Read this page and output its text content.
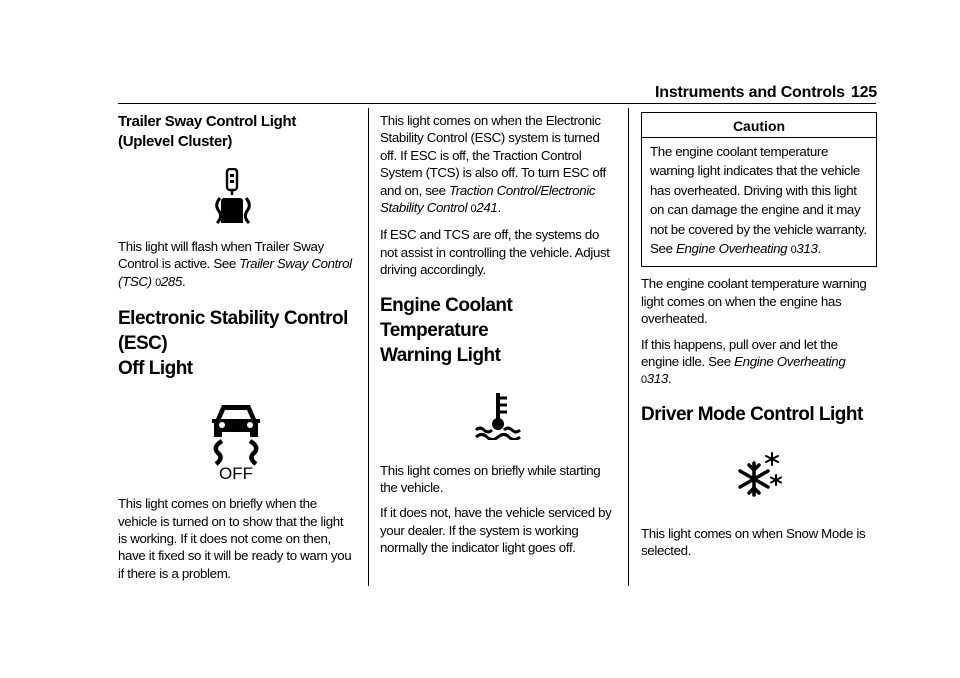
Instruments and Controls 125
Trailer Sway Control Light (Uplevel Cluster)

This light will flash when Trailer Sway Control is active. See Trailer Sway Control (TSC) 0285.

Electronic Stability Control (ESC)
Off Light
OFF

This light comes on briefly when the vehicle is turned on to show that the light is working. If it does not come on then, have it fixed so it will be ready to warn you if there is a problem.

This light comes on when the Electronic Stability Control (ESC) system is turned off. If ESC is off, the Traction Control System (TCS) is also off. To turn ESC off and on, see Traction Control/Electronic Stability Control 0241.

If ESC and TCS are off, the systems do not assist in controlling the vehicle. Adjust driving accordingly.

Engine Coolant Temperature
Warning Light

This light comes on briefly while starting the vehicle.

If it does not, have the vehicle serviced by your dealer. If the system is working normally the indicator light goes off.

Caution
The engine coolant temperature warning light indicates that the vehicle has overheated. Driving with this light on can damage the engine and it may not be covered by the vehicle warranty. See Engine Overheating 0313.

The engine coolant temperature warning light comes on when the engine has overheated.

If this happens, pull over and let the engine idle. See Engine Overheating 0313.

Driver Mode Control Light

This light comes on when Snow Mode is selected.
